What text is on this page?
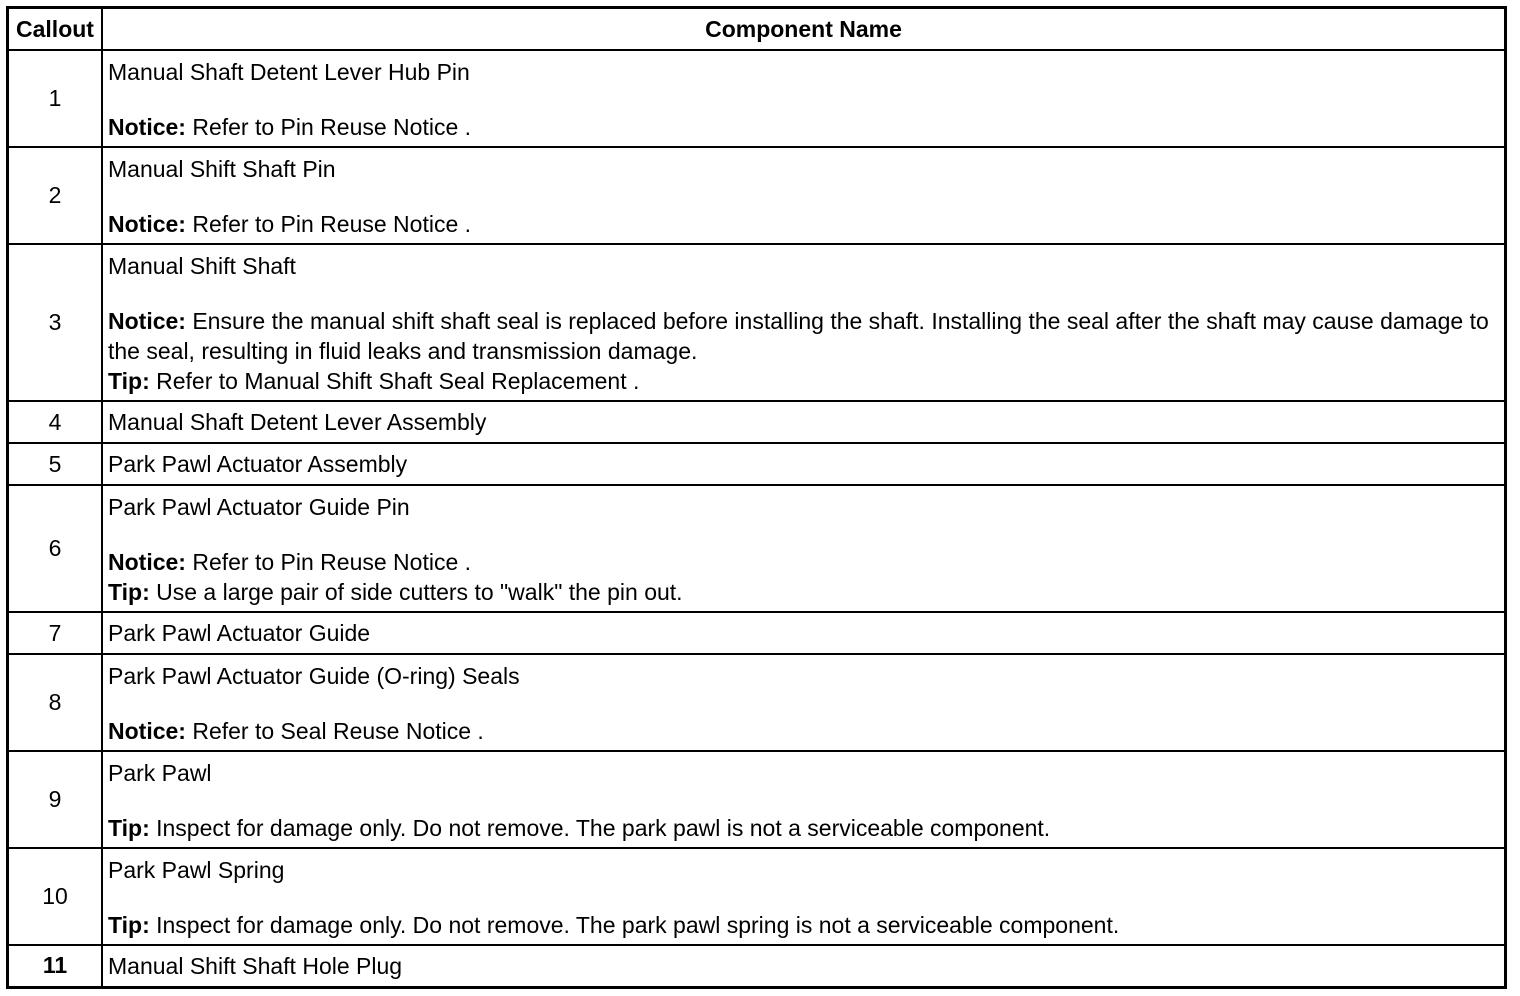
Callout	Component Name
1	Manual Shaft Detent Lever Hub Pin
Notice: Refer to Pin Reuse Notice .

2	Manual Shift Shaft Pin
Notice: Refer to Pin Reuse Notice .

3	Manual Shift Shaft
Notice: Ensure the manual shift shaft seal is replaced before installing the shaft. Installing the seal after the shaft may cause damage to the seal, resulting in fluid leaks and transmission damage.
Tip: Refer to Manual Shift Shaft Seal Replacement .

4	Manual Shaft Detent Lever Assembly
5	Park Pawl Actuator Assembly
6	Park Pawl Actuator Guide Pin
Notice: Refer to Pin Reuse Notice .
Tip: Use a large pair of side cutters to "walk" the pin out.

7	Park Pawl Actuator Guide
8	Park Pawl Actuator Guide (O-ring) Seals
Notice: Refer to Seal Reuse Notice .

9	Park Pawl
Tip: Inspect for damage only. Do not remove. The park pawl is not a serviceable component.

10	Park Pawl Spring
Tip: Inspect for damage only. Do not remove. The park pawl spring is not a serviceable component.

11	Manual Shift Shaft Hole Plug
